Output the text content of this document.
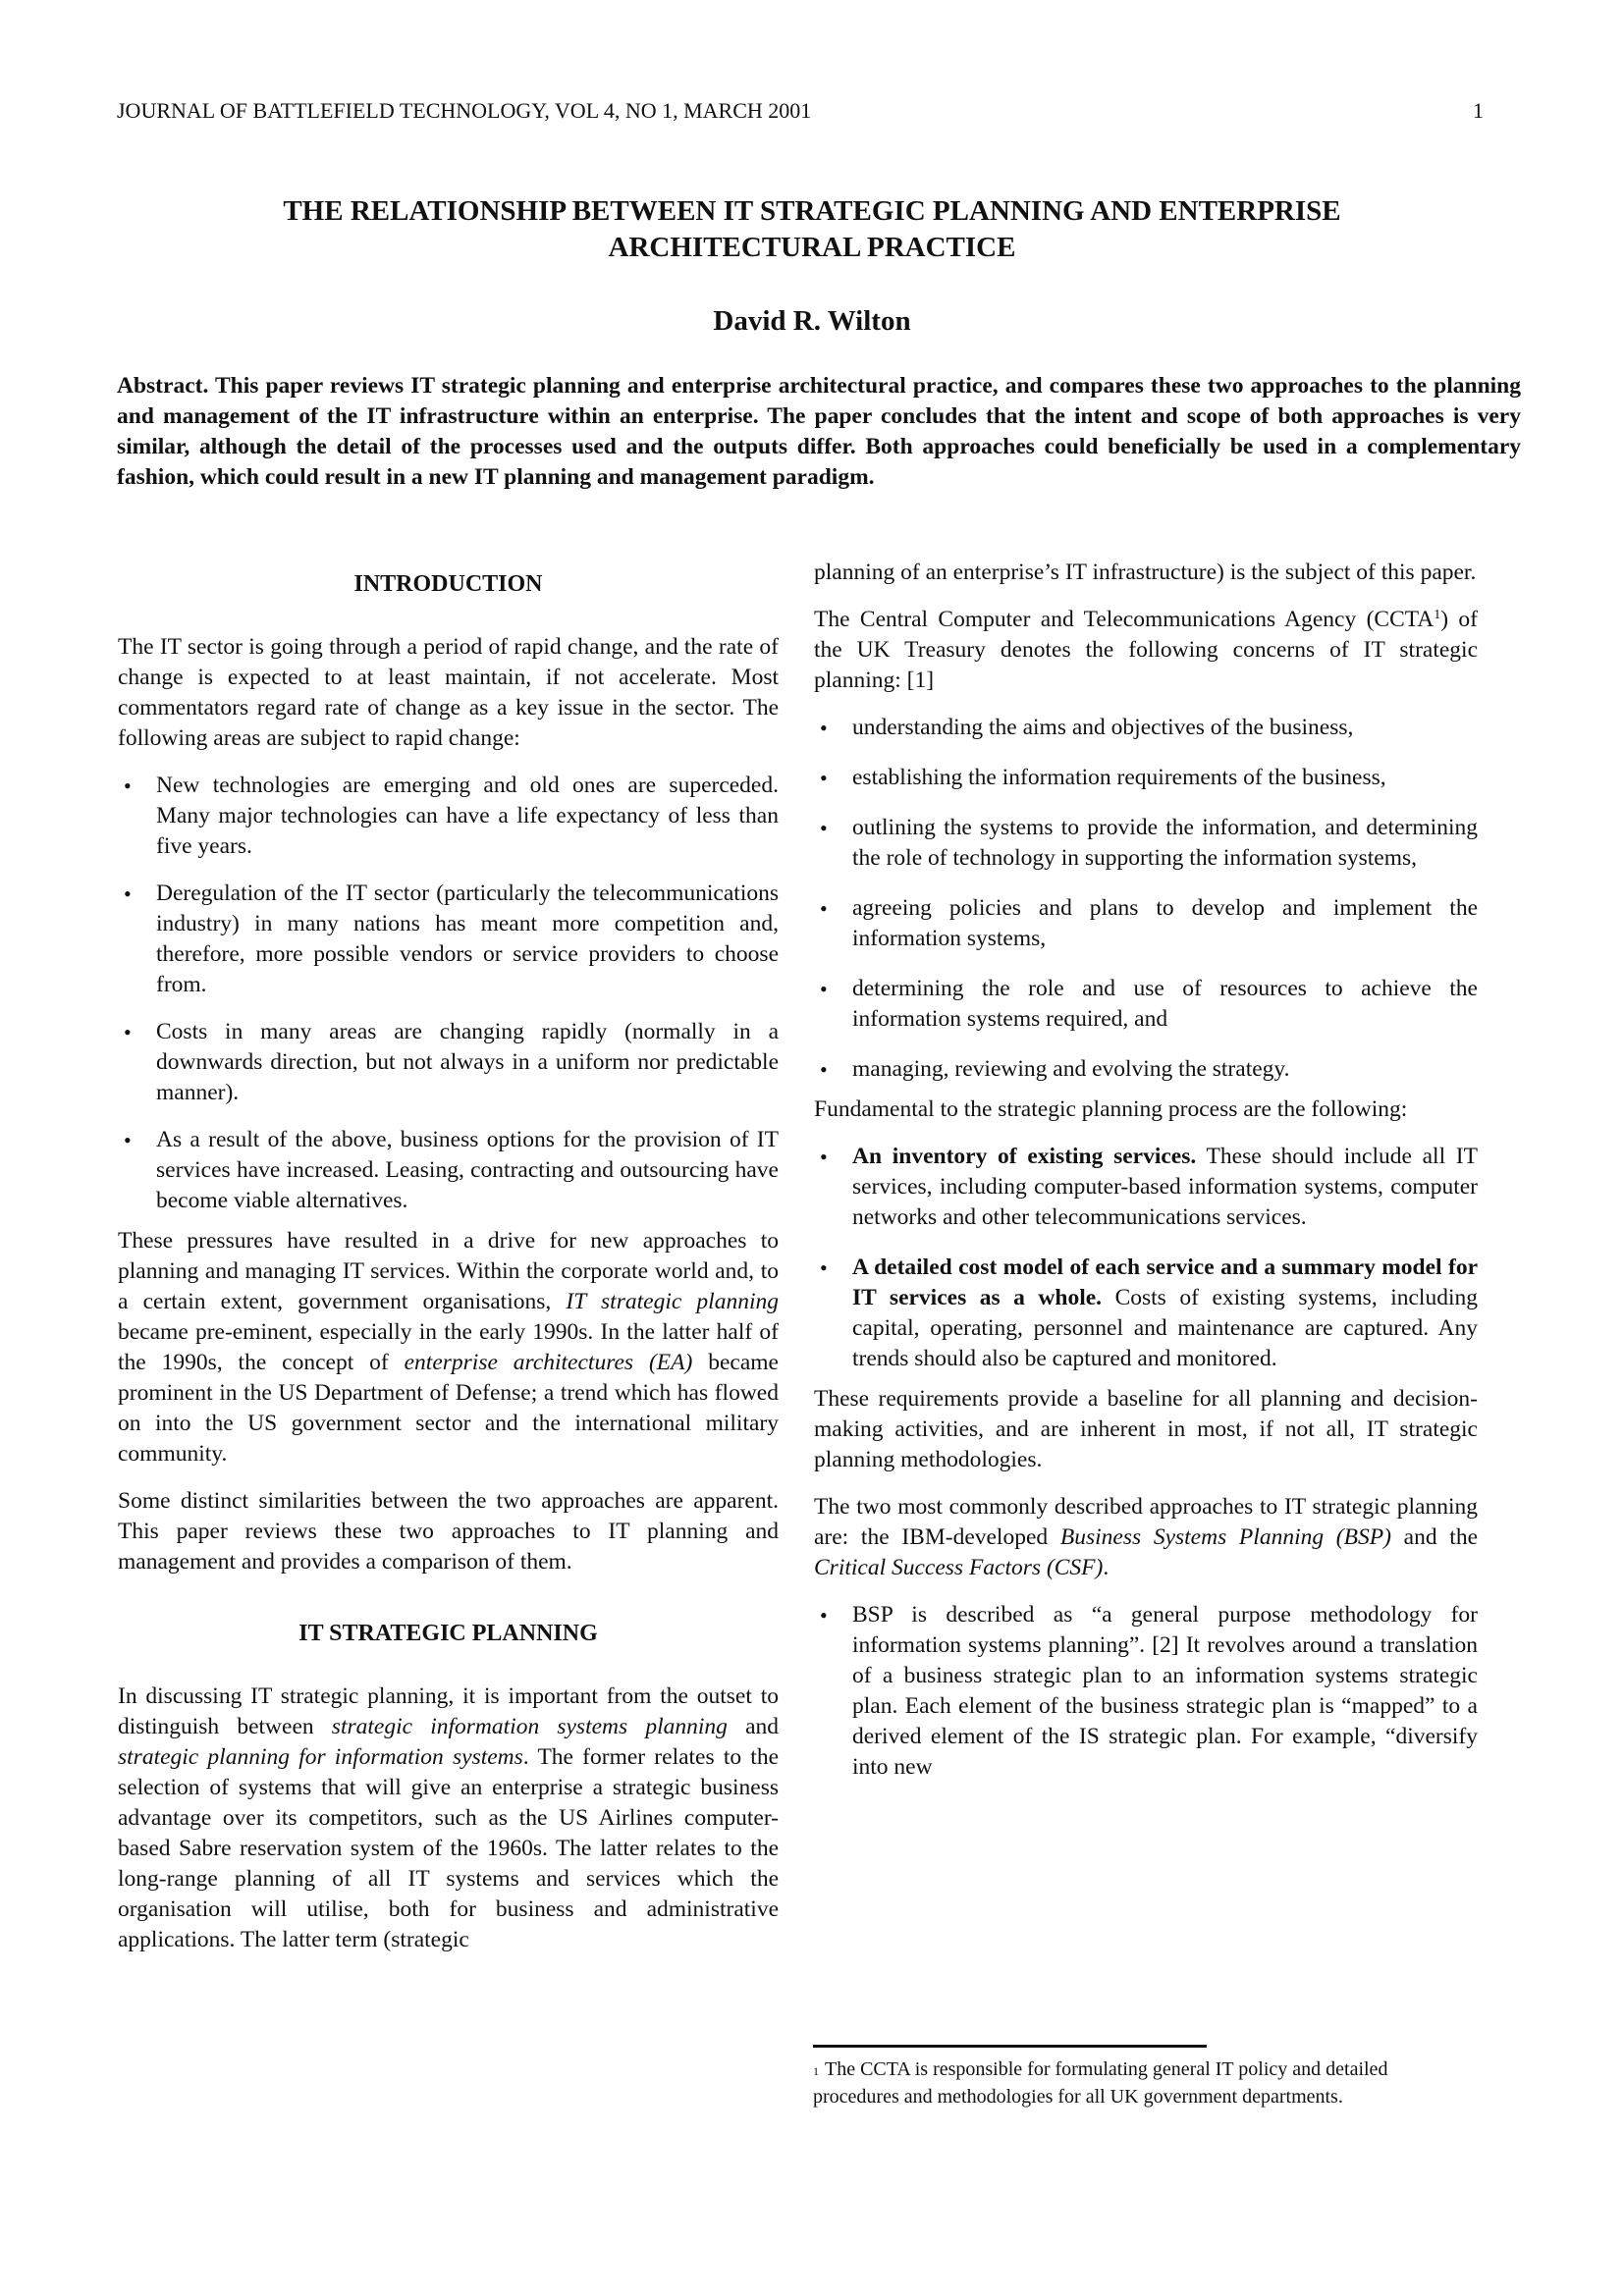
JOURNAL OF BATTLEFIELD TECHNOLOGY, VOL 4, NO 1, MARCH 2001	1
THE RELATIONSHIP BETWEEN IT STRATEGIC PLANNING AND ENTERPRISE
ARCHITECTURAL PRACTICE
David R. Wilton
Abstract. This paper reviews IT strategic planning and enterprise architectural practice, and compares these two approaches to the planning and management of the IT infrastructure within an enterprise. The paper concludes that the intent and scope of both approaches is very similar, although the detail of the processes used and the outputs differ. Both approaches could beneficially be used in a complementary fashion, which could result in a new IT planning and management paradigm.
INTRODUCTION

The IT sector is going through a period of rapid change, and the rate of change is expected to at least maintain, if not accelerate. Most commentators regard rate of change as a key issue in the sector. The following areas are subject to rapid change:

• New technologies are emerging and old ones are superceded. Many major technologies can have a life expectancy of less than five years.
• Deregulation of the IT sector (particularly the telecommunications industry) in many nations has meant more competition and, therefore, more possible vendors or service providers to choose from.
• Costs in many areas are changing rapidly (normally in a downwards direction, but not always in a uniform nor predictable manner).
• As a result of the above, business options for the provision of IT services have increased. Leasing, contracting and outsourcing have become viable alternatives.

These pressures have resulted in a drive for new approaches to planning and managing IT services. Within the corporate world and, to a certain extent, government organisations, IT strategic planning became pre-eminent, especially in the early 1990s. In the latter half of the 1990s, the concept of enterprise architectures (EA) became prominent in the US Department of Defense; a trend which has flowed on into the US government sector and the international military community.

Some distinct similarities between the two approaches are apparent. This paper reviews these two approaches to IT planning and management and provides a comparison of them.

IT STRATEGIC PLANNING

In discussing IT strategic planning, it is important from the outset to distinguish between strategic information systems planning and strategic planning for information systems. The former relates to the selection of systems that will give an enterprise a strategic business advantage over its competitors, such as the US Airlines computer-based Sabre reservation system of the 1960s. The latter relates to the long-range planning of all IT systems and services which the organisation will utilise, both for business and administrative applications. The latter term (strategic

planning of an enterprise’s IT infrastructure) is the subject of this paper.

The Central Computer and Telecommunications Agency (CCTA$^1$) of the UK Treasury denotes the following concerns of IT strategic planning: [1]

• understanding the aims and objectives of the business,
• establishing the information requirements of the business,
• outlining the systems to provide the information, and determining the role of technology in supporting the information systems,
• agreeing policies and plans to develop and implement the information systems,
• determining the role and use of resources to achieve the information systems required, and
• managing, reviewing and evolving the strategy.

Fundamental to the strategic planning process are the following:

• An inventory of existing services. These should include all IT services, including computer-based information systems, computer networks and other telecommunications services.
• A detailed cost model of each service and a summary model for IT services as a whole. Costs of existing systems, including capital, operating, personnel and maintenance are captured. Any trends should also be captured and monitored.

These requirements provide a baseline for all planning and decision-making activities, and are inherent in most, if not all, IT strategic planning methodologies.

The two most commonly described approaches to IT strategic planning are: the IBM-developed Business Systems Planning (BSP) and the Critical Success Factors (CSF).

• BSP is described as “a general purpose methodology for information systems planning”. [2] It revolves around a translation of a business strategic plan to an information systems strategic plan. Each element of the business strategic plan is “mapped” to a derived element of the IS strategic plan. For example, “diversify into new
$^1$ The CCTA is responsible for formulating general IT policy and detailed procedures and methodologies for all UK government departments.
